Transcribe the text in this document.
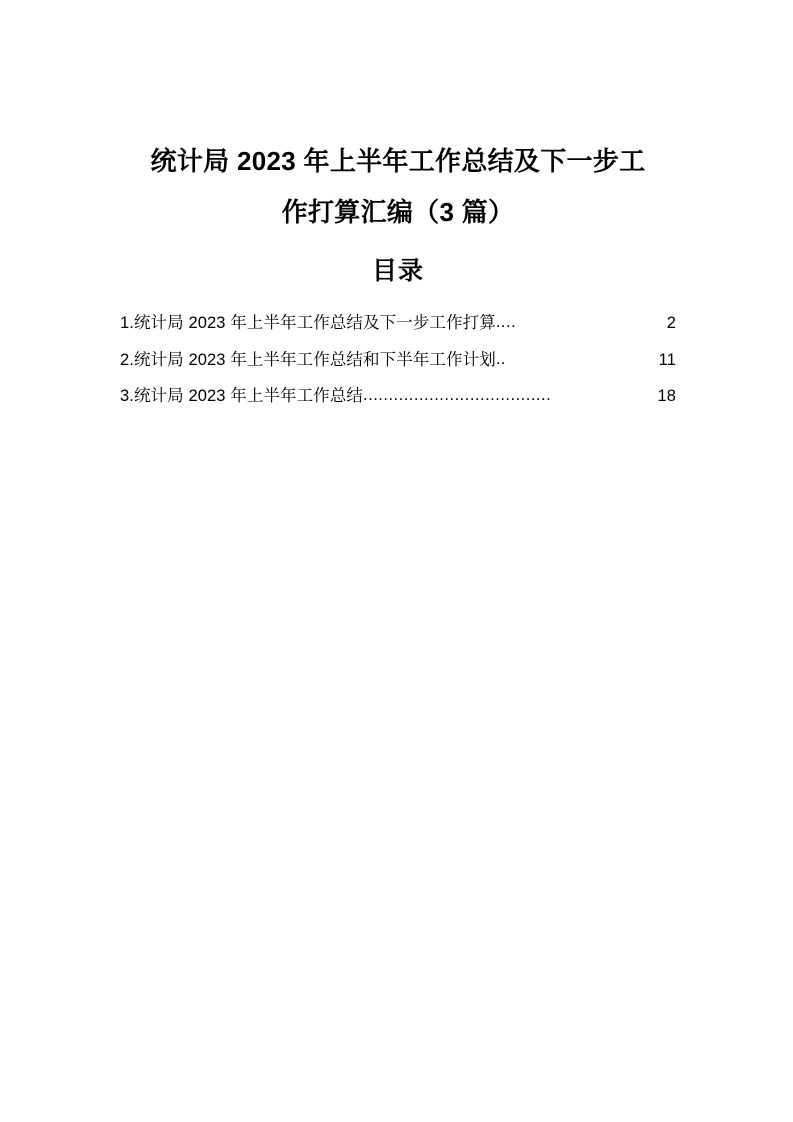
统计局 2023 年上半年工作总结及下一步工
作打算汇编（3 篇）
目录
1.统计局 2023 年上半年工作总结及下一步工作打算 ....	2
2.统计局 2023 年上半年工作总结和下半年工作计划 ..	11
3.统计局 2023 年上半年工作总结 .....................................	18
